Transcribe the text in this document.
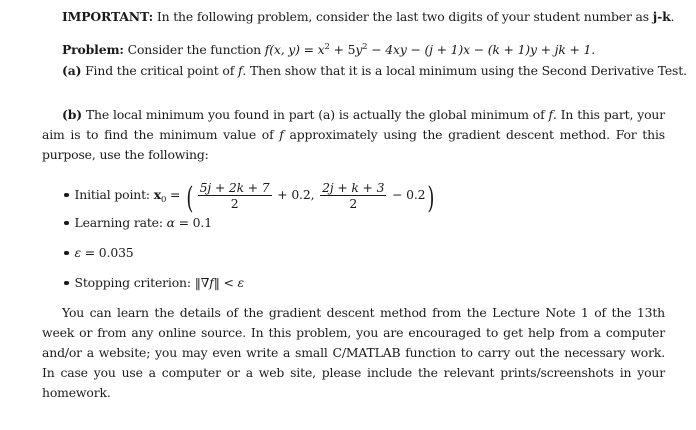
IMPORTANT: In the following problem, consider the last two digits of your student number as j-k.
Problem: Consider the function f(x, $y) = x^2 + 5y^2 - 4xy - (j + 1)x - (k + 1)y$ + jk + 1.
(a) Find the critical point of f. Then show that it is a local minimum using the Second Derivative Test.
(b) The local minimum you found in part (a) is actually the global minimum of f. In this part, your aim is to find the minimum value of f approximately using the gradient descent method. For this purpose, use the following:
Initial point: $x_0$ = ( $\frac{5j + 2k + 7}{2} + 0.2$, $\frac{2j + k + 3}{2} - 0.2$)
Learning rate: α = 0.1
ε = 0.035
Stopping criterion: ‖∇f‖ < ε
You can learn the details of the gradient descent method from the Lecture Note 1 of the 13th week or from any online source. In this problem, you are encouraged to get help from a computer and/or a website; you may even write a small C/MATLAB function to carry out the necessary work. In case you use a computer or a web site, please include the relevant prints/screenshots in your homework.
